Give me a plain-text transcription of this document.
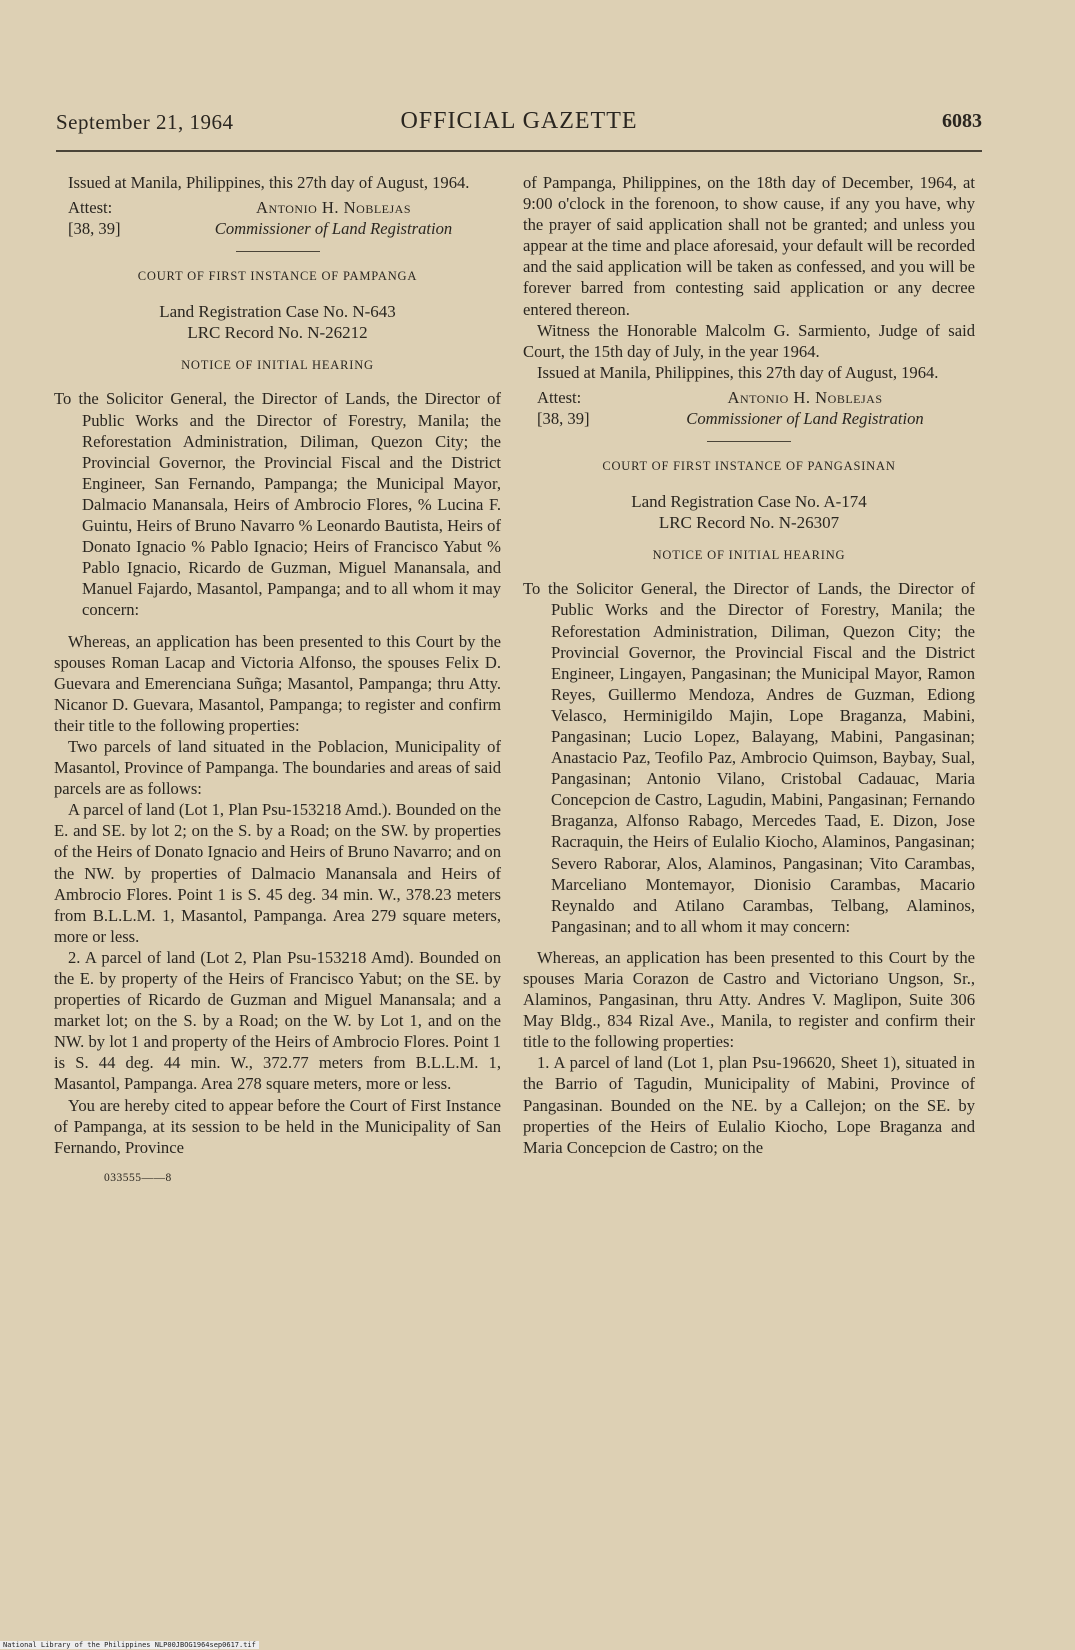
September 21, 1964	OFFICIAL GAZETTE	6083

Issued at Manila, Philippines, this 27th day of August, 1964.

Attest:
[38, 39]
Antonio H. Noblejas
Commissioner of Land Registration
COURT OF FIRST INSTANCE OF PAMPANGA
Land Registration Case No. N-643
LRC Record No. N-26212
NOTICE OF INITIAL HEARING

To the Solicitor General, the Director of Lands, the Director of Public Works and the Director of Forestry, Manila; the Reforestation Administration, Diliman, Quezon City; the Provincial Governor, the Provincial Fiscal and the District Engineer, San Fernando, Pampanga; the Municipal Mayor, Dalmacio Manansala, Heirs of Ambrocio Flores, % Lucina F. Guintu, Heirs of Bruno Navarro % Leonardo Bautista, Heirs of Donato Ignacio % Pablo Ignacio; Heirs of Francisco Yabut % Pablo Ignacio, Ricardo de Guzman, Miguel Manansala, and Manuel Fajardo, Masantol, Pampanga; and to all whom it may concern:

Whereas, an application has been presented to this Court by the spouses Roman Lacap and Victoria Alfonso, the spouses Felix D. Guevara and Emerenciana Suñga; Masantol, Pampanga; thru Atty. Nicanor D. Guevara, Masantol, Pampanga; to register and confirm their title to the following properties:

Two parcels of land situated in the Poblacion, Municipality of Masantol, Province of Pampanga. The boundaries and areas of said parcels are as follows:

A parcel of land (Lot 1, Plan Psu-153218 Amd.). Bounded on the E. and SE. by lot 2; on the S. by a Road; on the SW. by properties of the Heirs of Donato Ignacio and Heirs of Bruno Navarro; and on the NW. by properties of Dalmacio Manansala and Heirs of Ambrocio Flores. Point 1 is S. 45 deg. 34 min. W., 378.23 meters from B.L.L.M. 1, Masantol, Pampanga. Area 279 square meters, more or less.

2. A parcel of land (Lot 2, Plan Psu-153218 Amd). Bounded on the E. by property of the Heirs of Francisco Yabut; on the SE. by properties of Ricardo de Guzman and Miguel Manansala; and a market lot; on the S. by a Road; on the W. by Lot 1, and on the NW. by lot 1 and property of the Heirs of Ambrocio Flores. Point 1 is S. 44 deg. 44 min. W., 372.77 meters from B.L.L.M. 1, Masantol, Pampanga. Area 278 square meters, more or less.

You are hereby cited to appear before the Court of First Instance of Pampanga, at its session to be held in the Municipality of San Fernando, Province

033555——8

of Pampanga, Philippines, on the 18th day of December, 1964, at 9:00 o'clock in the forenoon, to show cause, if any you have, why the prayer of said application shall not be granted; and unless you appear at the time and place aforesaid, your default will be recorded and the said application will be taken as confessed, and you will be forever barred from contesting said application or any decree entered thereon.

Witness the Honorable Malcolm G. Sarmiento, Judge of said Court, the 15th day of July, in the year 1964.

Issued at Manila, Philippines, this 27th day of August, 1964.

Attest:
[38, 39]
Antonio H. Noblejas
Commissioner of Land Registration
COURT OF FIRST INSTANCE OF PANGASINAN
Land Registration Case No. A-174
LRC Record No. N-26307
NOTICE OF INITIAL HEARING

To the Solicitor General, the Director of Lands, the Director of Public Works and the Director of Forestry, Manila; the Reforestation Administration, Diliman, Quezon City; the Provincial Governor, the Provincial Fiscal and the District Engineer, Lingayen, Pangasinan; the Municipal Mayor, Ramon Reyes, Guillermo Mendoza, Andres de Guzman, Ediong Velasco, Herminigildo Majin, Lope Braganza, Mabini, Pangasinan; Lucio Lopez, Balayang, Mabini, Pangasinan; Anastacio Paz, Teofilo Paz, Ambrocio Quimson, Baybay, Sual, Pangasinan; Antonio Vilano, Cristobal Cadauac, Maria Concepcion de Castro, Lagudin, Mabini, Pangasinan; Fernando Braganza, Alfonso Rabago, Mercedes Taad, E. Dizon, Jose Racraquin, the Heirs of Eulalio Kiocho, Alaminos, Pangasinan; Severo Raborar, Alos, Alaminos, Pangasinan; Vito Carambas, Marceliano Montemayor, Dionisio Carambas, Macario Reynaldo and Atilano Carambas, Telbang, Alaminos, Pangasinan; and to all whom it may concern:

Whereas, an application has been presented to this Court by the spouses Maria Corazon de Castro and Victoriano Ungson, Sr., Alaminos, Pangasinan, thru Atty. Andres V. Maglipon, Suite 306 May Bldg., 834 Rizal Ave., Manila, to register and confirm their title to the following properties:

1. A parcel of land (Lot 1, plan Psu-196620, Sheet 1), situated in the Barrio of Tagudin, Municipality of Mabini, Province of Pangasinan. Bounded on the NE. by a Callejon; on the SE. by properties of the Heirs of Eulalio Kiocho, Lope Braganza and Maria Concepcion de Castro; on the

National Library of the Philippines NLP00JBOG1964sep0617.tif
